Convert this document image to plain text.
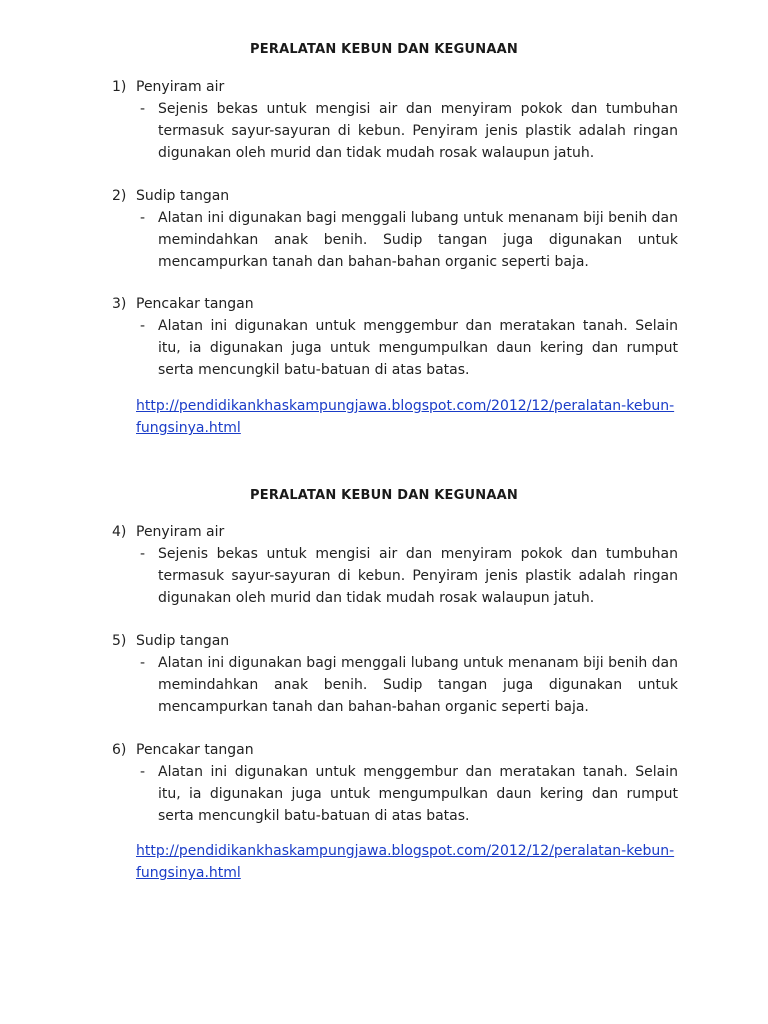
PERALATAN KEBUN DAN KEGUNAAN
1) Penyiram air
- Sejenis bekas untuk mengisi air dan menyiram pokok dan tumbuhan termasuk sayur-sayuran di kebun. Penyiram jenis plastik adalah ringan digunakan oleh murid dan tidak mudah rosak walaupun jatuh.
2) Sudip tangan
- Alatan ini digunakan bagi menggali lubang untuk menanam biji benih dan memindahkan anak benih. Sudip tangan juga digunakan untuk mencampurkan tanah dan bahan-bahan organic seperti baja.
3) Pencakar tangan
- Alatan ini digunakan untuk menggembur dan meratakan tanah. Selain itu, ia digunakan juga untuk mengumpulkan daun kering dan rumput serta mencungkil batu-batuan di atas batas.
http://pendidikankhaskampungjawa.blogspot.com/2012/12/peralatan-kebun-fungsinya.html
PERALATAN KEBUN DAN KEGUNAAN
4) Penyiram air
- Sejenis bekas untuk mengisi air dan menyiram pokok dan tumbuhan termasuk sayur-sayuran di kebun. Penyiram jenis plastik adalah ringan digunakan oleh murid dan tidak mudah rosak walaupun jatuh.
5) Sudip tangan
- Alatan ini digunakan bagi menggali lubang untuk menanam biji benih dan memindahkan anak benih. Sudip tangan juga digunakan untuk mencampurkan tanah dan bahan-bahan organic seperti baja.
6) Pencakar tangan
- Alatan ini digunakan untuk menggembur dan meratakan tanah. Selain itu, ia digunakan juga untuk mengumpulkan daun kering dan rumput serta mencungkil batu-batuan di atas batas.
http://pendidikankhaskampungjawa.blogspot.com/2012/12/peralatan-kebun-fungsinya.html
